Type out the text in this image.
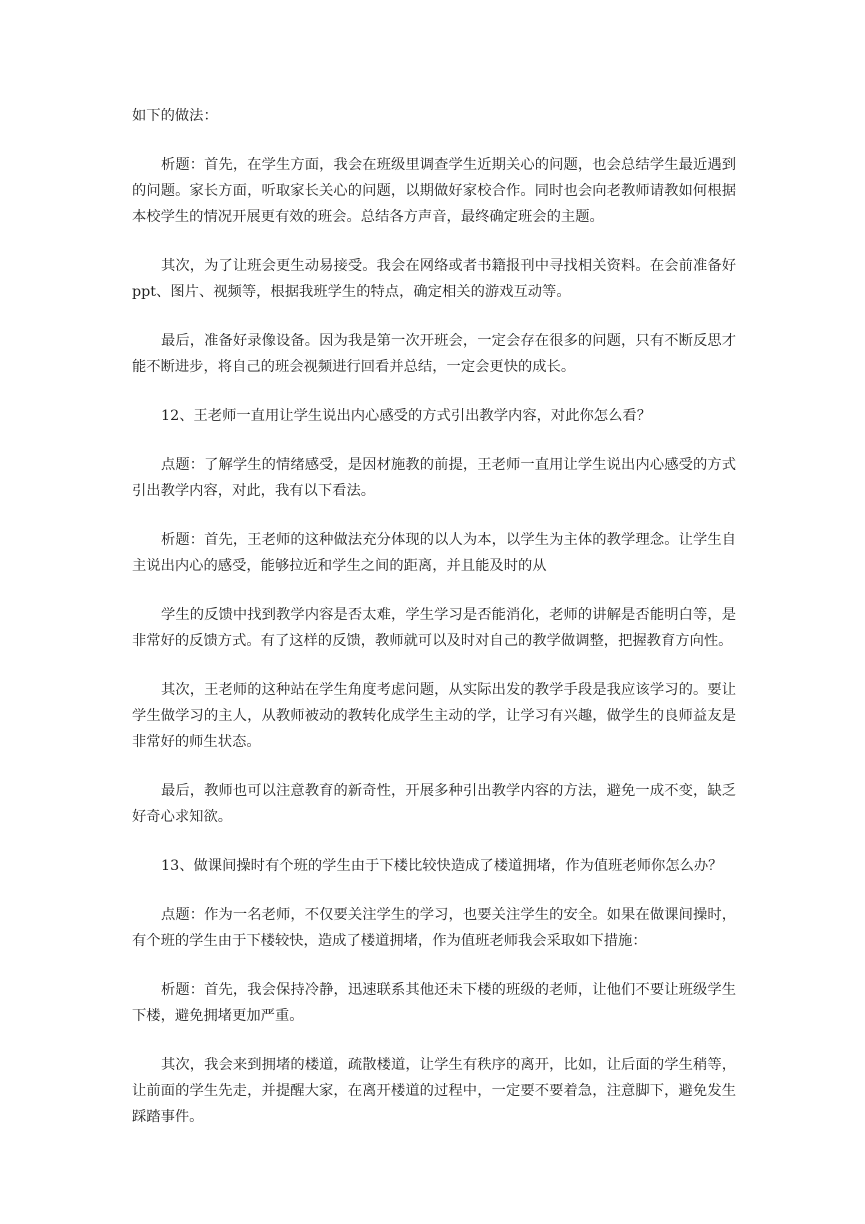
如下的做法：

析题：首先，在学生方面，我会在班级里调查学生近期关心的问题，也会总结学生最近遇到的问题。家长方面，听取家长关心的问题，以期做好家校合作。同时也会向老教师请教如何根据本校学生的情况开展更有效的班会。总结各方声音，最终确定班会的主题。

其次，为了让班会更生动易接受。我会在网络或者书籍报刊中寻找相关资料。在会前准备好 ppt、图片、视频等，根据我班学生的特点，确定相关的游戏互动等。

最后，准备好录像设备。因为我是第一次开班会，一定会存在很多的问题，只有不断反思才能不断进步，将自己的班会视频进行回看并总结，一定会更快的成长。

12、王老师一直用让学生说出内心感受的方式引出教学内容，对此你怎么看？

点题：了解学生的情绪感受，是因材施教的前提，王老师一直用让学生说出内心感受的方式引出教学内容，对此，我有以下看法。

析题：首先，王老师的这种做法充分体现的以人为本，以学生为主体的教学理念。让学生自主说出内心的感受，能够拉近和学生之间的距离，并且能及时的从

学生的反馈中找到教学内容是否太难，学生学习是否能消化，老师的讲解是否能明白等，是非常好的反馈方式。有了这样的反馈，教师就可以及时对自己的教学做调整，把握教育方向性。

其次，王老师的这种站在学生角度考虑问题，从实际出发的教学手段是我应该学习的。要让学生做学习的主人，从教师被动的教转化成学生主动的学，让学习有兴趣，做学生的良师益友是非常好的师生状态。

最后，教师也可以注意教育的新奇性，开展多种引出教学内容的方法，避免一成不变，缺乏好奇心求知欲。

13、做课间操时有个班的学生由于下楼比较快造成了楼道拥堵，作为值班老师你怎么办？

点题：作为一名老师，不仅要关注学生的学习，也要关注学生的安全。如果在做课间操时，有个班的学生由于下楼较快，造成了楼道拥堵，作为值班老师我会采取如下措施：

析题：首先，我会保持冷静，迅速联系其他还未下楼的班级的老师，让他们不要让班级学生下楼，避免拥堵更加严重。

其次，我会来到拥堵的楼道，疏散楼道，让学生有秩序的离开，比如，让后面的学生稍等，让前面的学生先走，并提醒大家，在离开楼道的过程中，一定要不要着急，注意脚下，避免发生踩踏事件。
